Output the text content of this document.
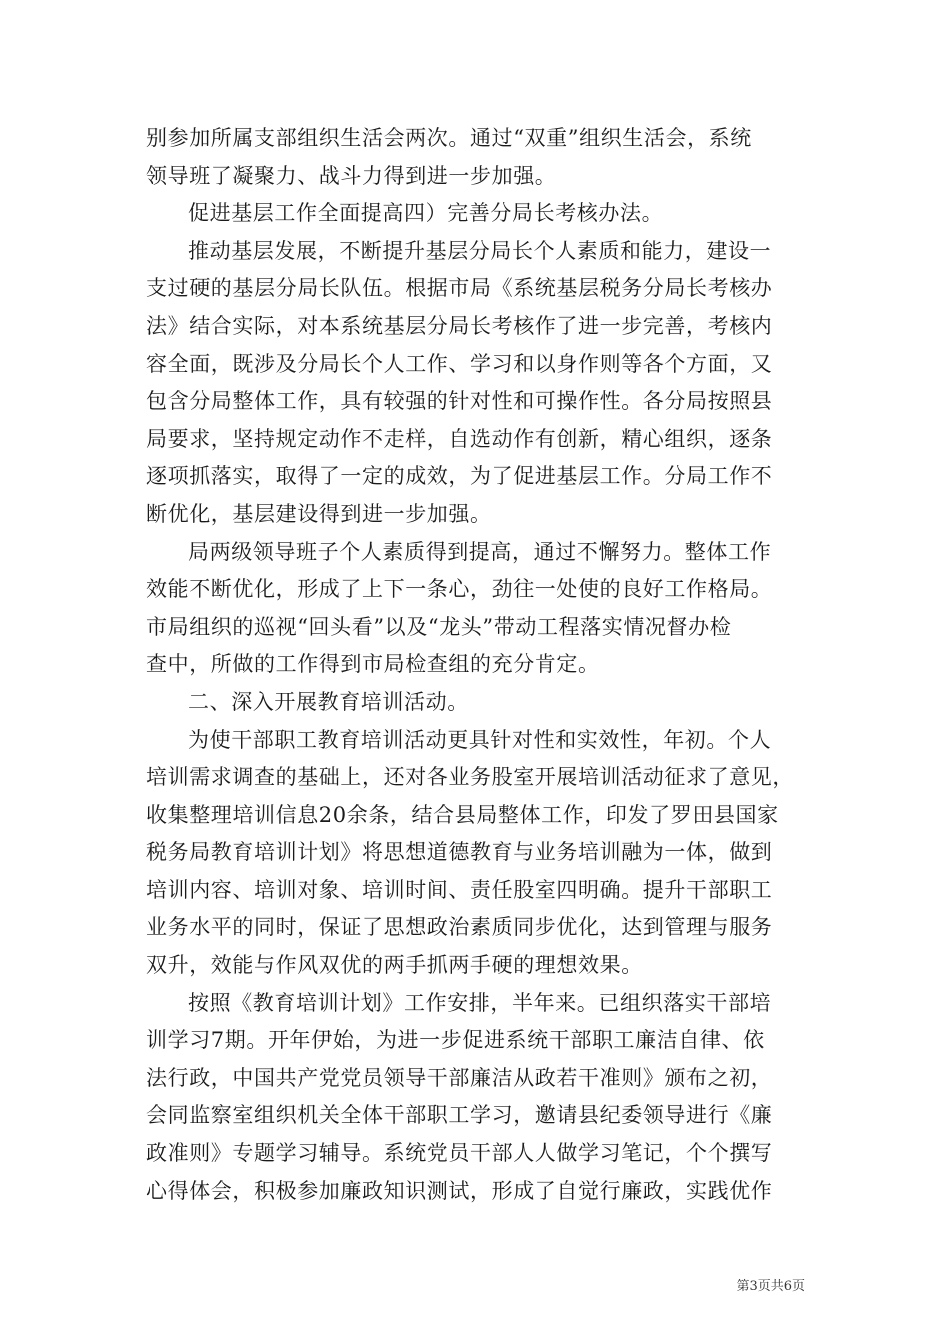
别参加所属支部组织生活会两次。通过“双重”组织生活会，系统
领导班了凝聚力、战斗力得到进一步加强。
促进基层工作全面提高四）完善分局长考核办法。
推动基层发展，不断提升基层分局长个人素质和能力，建设一
支过硬的基层分局长队伍。根据市局《系统基层税务分局长考核办
法》结合实际，对本系统基层分局长考核作了进一步完善，考核内
容全面，既涉及分局长个人工作、学习和以身作则等各个方面，又
包含分局整体工作，具有较强的针对性和可操作性。各分局按照县
局要求，坚持规定动作不走样，自选动作有创新，精心组织，逐条
逐项抓落实，取得了一定的成效，为了促进基层工作。分局工作不
断优化，基层建设得到进一步加强。
局两级领导班子个人素质得到提高，通过不懈努力。整体工作
效能不断优化，形成了上下一条心，劲往一处使的良好工作格局。
市局组织的巡视“回头看”以及“龙头”带动工程落实情况督办检
查中，所做的工作得到市局检查组的充分肯定。
二、深入开展教育培训活动。
为使干部职工教育培训活动更具针对性和实效性，年初。个人
培训需求调查的基础上，还对各业务股室开展培训活动征求了意见，
收集整理培训信息20余条，结合县局整体工作，印发了罗田县国家
税务局教育培训计划》将思想道德教育与业务培训融为一体，做到
培训内容、培训对象、培训时间、责任股室四明确。提升干部职工
业务水平的同时，保证了思想政治素质同步优化，达到管理与服务
双升，效能与作风双优的两手抓两手硬的理想效果。
按照《教育培训计划》工作安排，半年来。已组织落实干部培
训学习7期。开年伊始，为进一步促进系统干部职工廉洁自律、依
法行政，中国共产党党员领导干部廉洁从政若干准则》颁布之初，
会同监察室组织机关全体干部职工学习，邀请县纪委领导进行《廉
政准则》专题学习辅导。系统党员干部人人做学习笔记，个个撰写
心得体会，积极参加廉政知识测试，形成了自觉行廉政，实践优作
第3页共6页
